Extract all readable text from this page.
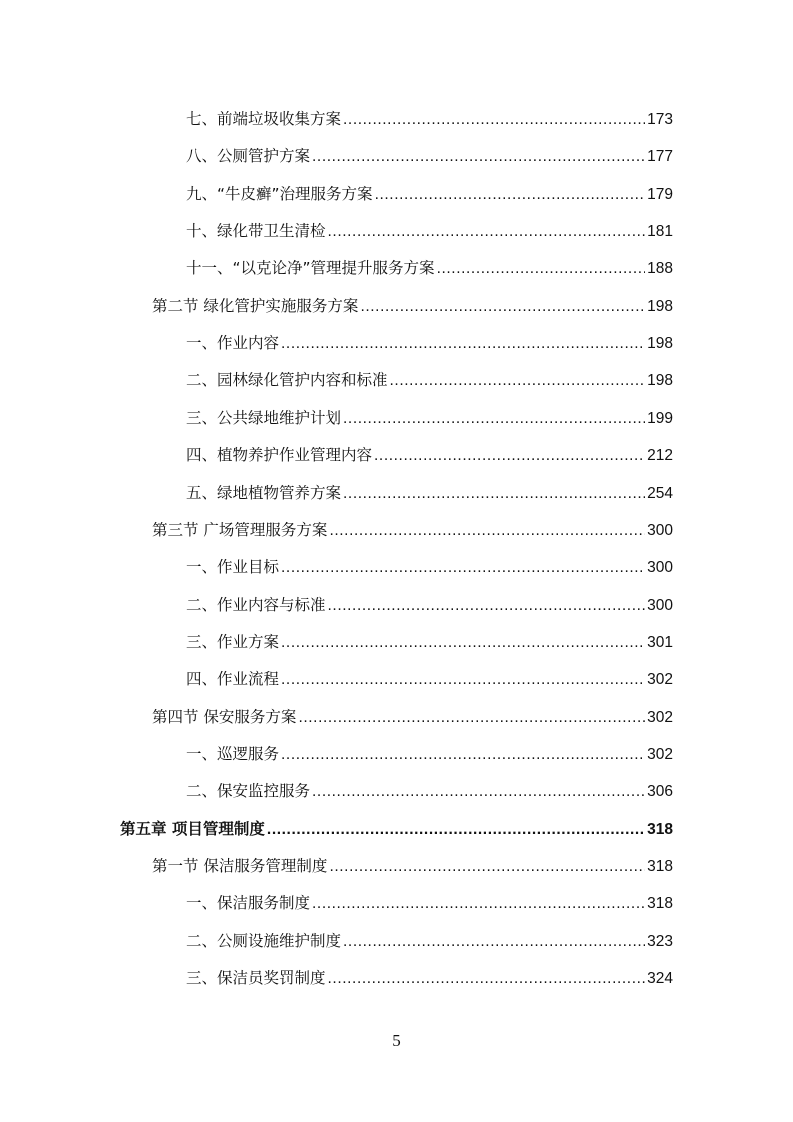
七、前端垃圾收集方案 .....	173
八、公厕管护方案 .....	177
九、“牛皮癣”治理服务方案 .....	179
十、绿化带卫生清检 .....	181
十一、“以克论净”管理提升服务方案 .....	188
第二节 绿化管护实施服务方案 .....	198
一、作业内容 .....	198
二、园林绿化管护内容和标准 .....	198
三、公共绿地维护计划 .....	199
四、植物养护作业管理内容 .....	212
五、绿地植物管养方案 .....	254
第三节 广场管理服务方案 .....	300
一、作业目标 .....	300
二、作业内容与标准 .....	300
三、作业方案 .....	301
四、作业流程 .....	302
第四节 保安服务方案 .....	302
一、巡逻服务 .....	302
二、保安监控服务 .....	306
第五章 项目管理制度 .....	318
第一节 保洁服务管理制度 .....	318
一、保洁服务制度 .....	318
二、公厕设施维护制度 .....	323
三、保洁员奖罚制度 .....	324
5
